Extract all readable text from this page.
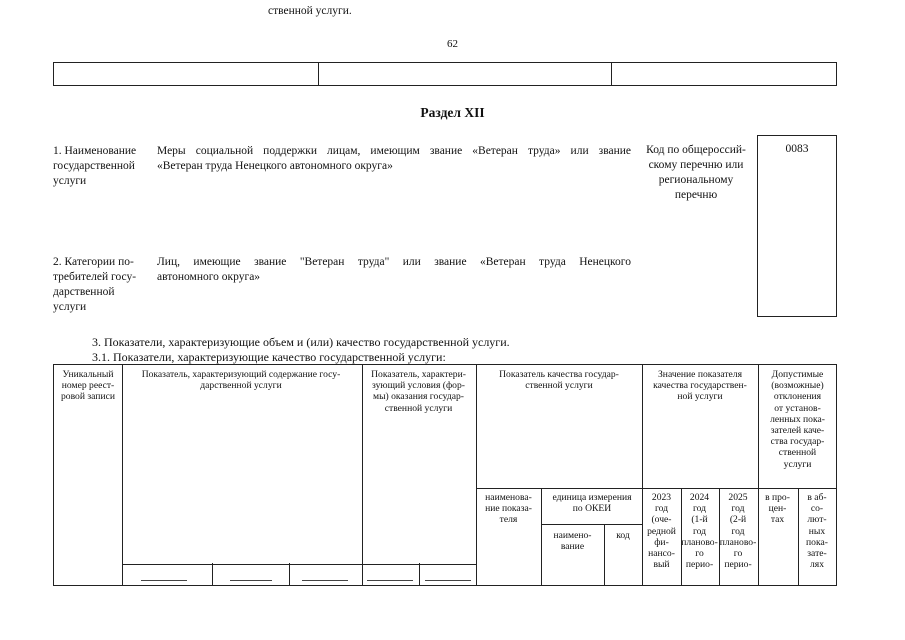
62
ственной услуги.
Раздел XII
1. Наименование
государственной
услуги
Меры социальной поддержки лицам, имеющим звание «Ветеран труда» или звание
«Ветеран труда Ненецкого автономного округа»
Код по общероссий-
скому перечню или
региональному
перечню
0083
2. Категории по-
требителей госу-
дарственной
услуги
Лиц, имеющие звание "Ветеран труда" или звание «Ветеран труда Ненецкого
автономного округа»
3. Показатели, характеризующие объем и (или) качество государственной услуги.
3.1. Показатели, характеризующие качество государственной услуги:
Уникальный
номер реест-
ровой записи
Показатель, характеризующий содержание госу-
дарственной услуги
Показатель, характери-
зующий условия (фор-
мы) оказания государ-
ственной услуги
Показатель качества государ-
ственной услуги
Значение показателя
качества государствен-
ной услуги
Допустимые
(возможные)
отклонения
от установ-
ленных пока-
зателей каче-
ства государ-
ственной
услуги
наименова-
ние показа-
теля
единица измерения
по ОКЕИ
наимено-
вание
код
2023
год
(оче-
редной
фи-
нансо-
вый
2024
год
(1-й
год
планово-
го
перио-
2025
год
(2-й
год
планово-
го
перио-
в про-
цен-
тах
в аб-
со-
лют-
ных
пока-
зате-
лях
